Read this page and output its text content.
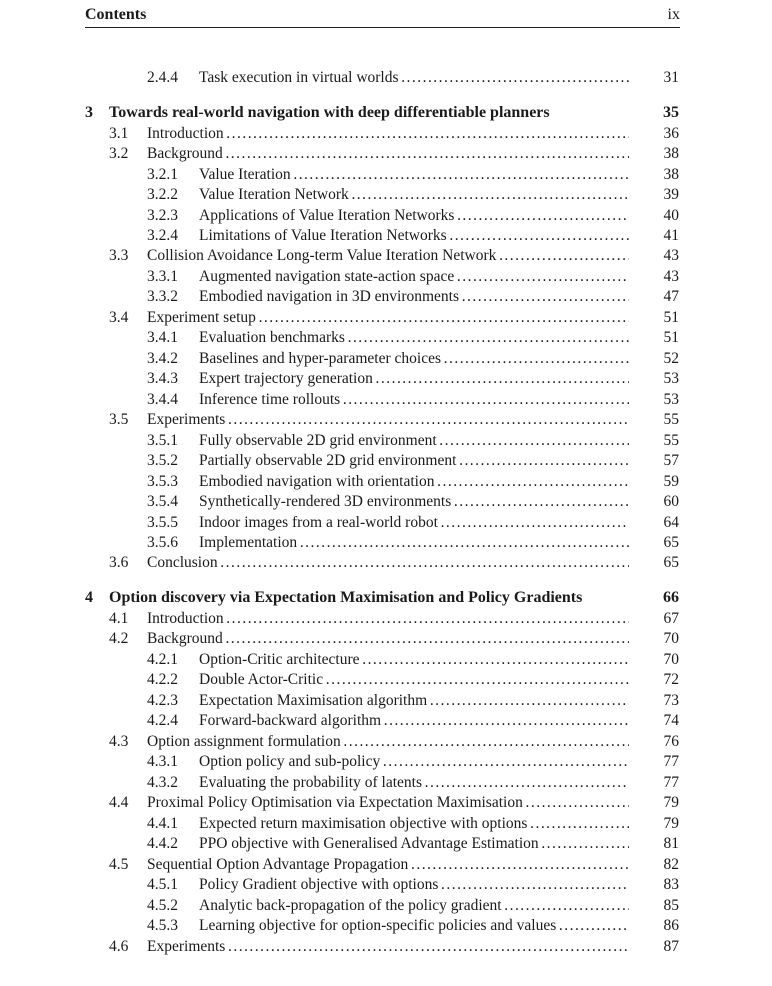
Contents	ix
2.4.4 Task execution in virtual worlds . . .	31
3 Towards real-world navigation with deep differentiable planners	35
3.1 Introduction . . .	36
3.2 Background . . .	38
3.2.1 Value Iteration . . .	38
3.2.2 Value Iteration Network . . .	39
3.2.3 Applications of Value Iteration Networks . . .	40
3.2.4 Limitations of Value Iteration Networks . . .	41
3.3 Collision Avoidance Long-term Value Iteration Network . . .	43
3.3.1 Augmented navigation state-action space . . .	43
3.3.2 Embodied navigation in 3D environments . . .	47
3.4 Experiment setup . . .	51
3.4.1 Evaluation benchmarks . . .	51
3.4.2 Baselines and hyper-parameter choices . . .	52
3.4.3 Expert trajectory generation . . .	53
3.4.4 Inference time rollouts . . .	53
3.5 Experiments . . .	55
3.5.1 Fully observable 2D grid environment . . .	55
3.5.2 Partially observable 2D grid environment . . .	57
3.5.3 Embodied navigation with orientation . . .	59
3.5.4 Synthetically-rendered 3D environments . . .	60
3.5.5 Indoor images from a real-world robot . . .	64
3.5.6 Implementation . . .	65
3.6 Conclusion . . .	65
4 Option discovery via Expectation Maximisation and Policy Gradients	66
4.1 Introduction . . .	67
4.2 Background . . .	70
4.2.1 Option-Critic architecture . . .	70
4.2.2 Double Actor-Critic . . .	72
4.2.3 Expectation Maximisation algorithm . . .	73
4.2.4 Forward-backward algorithm . . .	74
4.3 Option assignment formulation . . .	76
4.3.1 Option policy and sub-policy . . .	77
4.3.2 Evaluating the probability of latents . . .	77
4.4 Proximal Policy Optimisation via Expectation Maximisation . . .	79
4.4.1 Expected return maximisation objective with options . . .	79
4.4.2 PPO objective with Generalised Advantage Estimation . . .	81
4.5 Sequential Option Advantage Propagation . . .	82
4.5.1 Policy Gradient objective with options . . .	83
4.5.2 Analytic back-propagation of the policy gradient . . .	85
4.5.3 Learning objective for option-specific policies and values . . .	86
4.6 Experiments . . .	87
